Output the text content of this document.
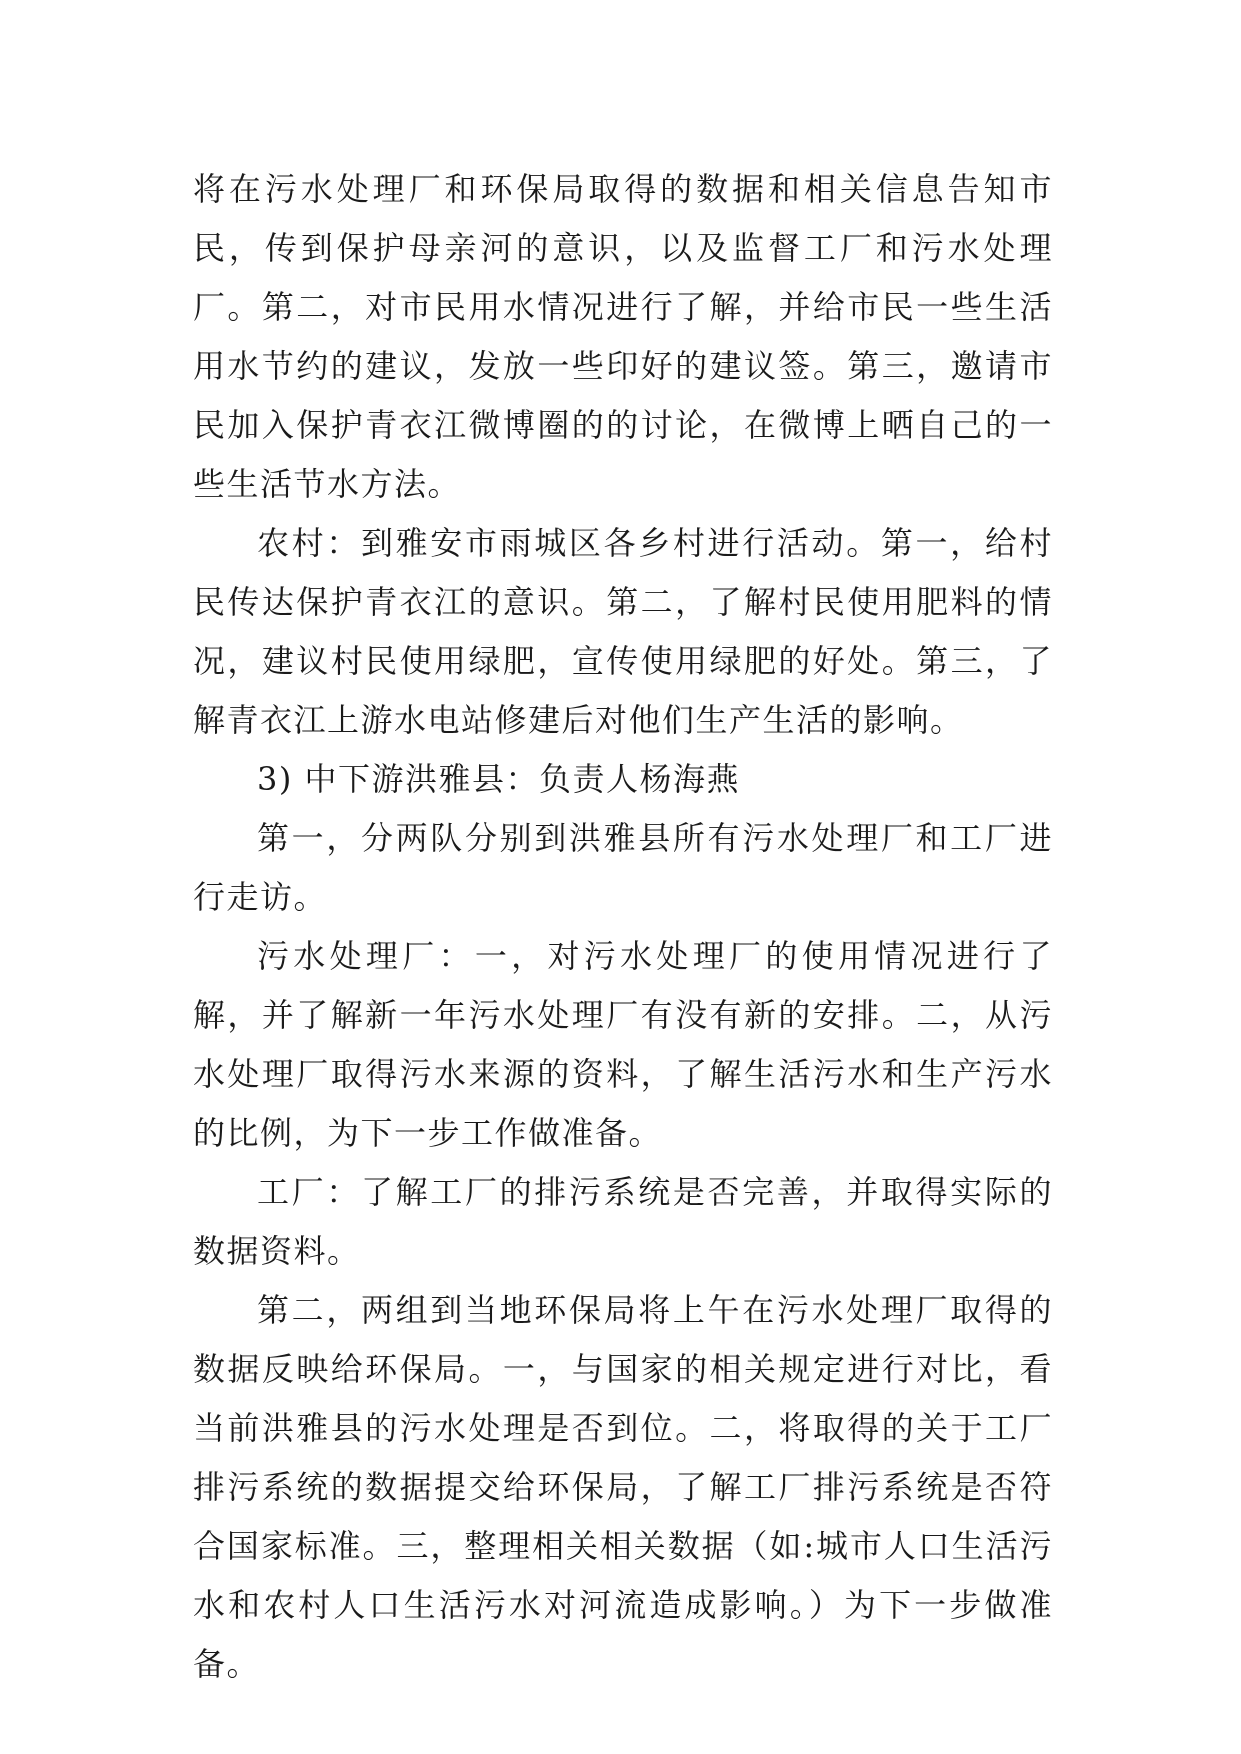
将在污水处理厂和环保局取得的数据和相关信息告知市民，传到保护母亲河的意识，以及监督工厂和污水处理厂。第二，对市民用水情况进行了解，并给市民一些生活用水节约的建议，发放一些印好的建议签。第三，邀请市民加入保护青衣江微博圈的的讨论，在微博上晒自己的一些生活节水方法。

农村：到雅安市雨城区各乡村进行活动。第一，给村民传达保护青衣江的意识。第二，了解村民使用肥料的情况，建议村民使用绿肥，宣传使用绿肥的好处。第三，了解青衣江上游水电站修建后对他们生产生活的影响。

3) 中下游洪雅县：负责人杨海燕

第一，分两队分别到洪雅县所有污水处理厂和工厂进行走访。

污水处理厂：一，对污水处理厂的使用情况进行了解，并了解新一年污水处理厂有没有新的安排。二，从污水处理厂取得污水来源的资料，了解生活污水和生产污水的比例，为下一步工作做准备。

工厂：了解工厂的排污系统是否完善，并取得实际的数据资料。

第二，两组到当地环保局将上午在污水处理厂取得的数据反映给环保局。一，与国家的相关规定进行对比，看当前洪雅县的污水处理是否到位。二，将取得的关于工厂排污系统的数据提交给环保局，了解工厂排污系统是否符合国家标准。三，整理相关相关数据（如:城市人口生活污水和农村人口生活污水对河流造成影响。）为下一步做准备。
